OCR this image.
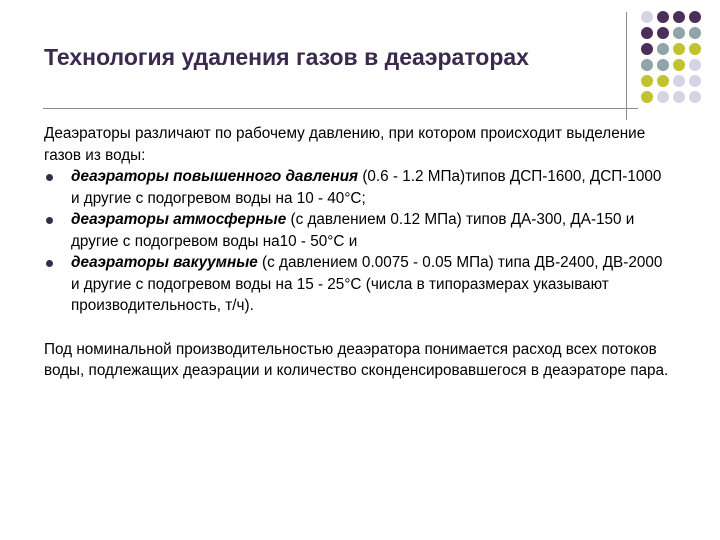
Технология удаления газов в деаэраторах

Деаэраторы различают по рабочему давлению, при котором происходит выделение газов из воды:

деаэраторы повышенного давления (0.6 - 1.2 МПа)типов ДСП-1600, ДСП-1000 и другие с подогревом воды на 10 - 40°С;
деаэраторы атмосферные (с давлением 0.12 МПа) типов ДА-300, ДА-150 и другие с подогревом воды на10 - 50°С и
деаэраторы вакуумные (с давлением 0.0075 - 0.05 МПа) типа ДВ-2400, ДВ-2000 и другие с подогревом воды на 15 - 25°С (числа в типоразмерах указывают производительность, т/ч).

Под номинальной производительностью деаэратора понимается расход всех потоков воды, подлежащих деаэрации и количество сконденсировавшегося в деаэраторе пара.
